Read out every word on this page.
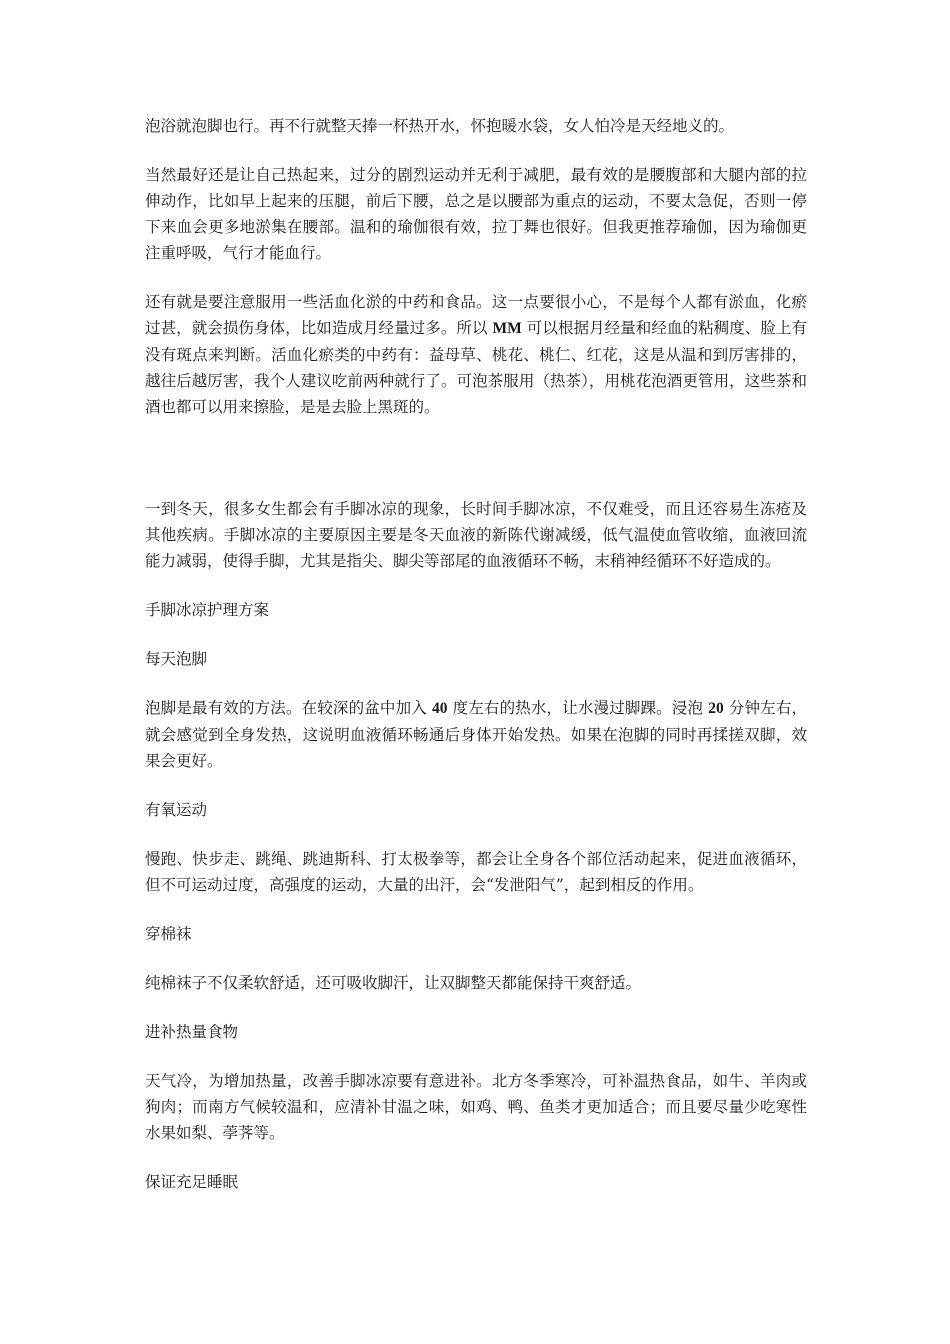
泡浴就泡脚也行。再不行就整天捧一杯热开水，怀抱暖水袋，女人怕冷是天经地义的。

当然最好还是让自己热起来，过分的剧烈运动并无利于减肥，最有效的是腰腹部和大腿内部的拉伸动作，比如早上起来的压腿，前后下腰，总之是以腰部为重点的运动，不要太急促，否则一停下来血会更多地淤集在腰部。温和的瑜伽很有效，拉丁舞也很好。但我更推荐瑜伽，因为瑜伽更注重呼吸，气行才能血行。

还有就是要注意服用一些活血化淤的中药和食品。这一点要很小心，不是每个人都有淤血，化瘀过甚，就会损伤身体，比如造成月经量过多。所以 MM 可以根据月经量和经血的粘稠度、脸上有没有斑点来判断。活血化瘀类的中药有：益母草、桃花、桃仁、红花，这是从温和到厉害排的，越往后越厉害，我个人建议吃前两种就行了。可泡茶服用（热茶），用桃花泡酒更管用，这些茶和酒也都可以用来擦脸，是是去脸上黑斑的。

一到冬天，很多女生都会有手脚冰凉的现象，长时间手脚冰凉，不仅难受，而且还容易生冻疮及其他疾病。手脚冰凉的主要原因主要是冬天血液的新陈代谢减缓，低气温使血管收缩，血液回流能力减弱，使得手脚，尤其是指尖、脚尖等部尾的血液循环不畅，末稍神经循环不好造成的。

手脚冰凉护理方案

每天泡脚

泡脚是最有效的方法。在较深的盆中加入 40 度左右的热水，让水漫过脚踝。浸泡 20 分钟左右，就会感觉到全身发热，这说明血液循环畅通后身体开始发热。如果在泡脚的同时再揉搓双脚，效果会更好。

有氧运动

慢跑、快步走、跳绳、跳迪斯科、打太极拳等，都会让全身各个部位活动起来，促进血液循环，但不可运动过度，高强度的运动，大量的出汗，会“发泄阳气”，起到相反的作用。

穿棉袜

纯棉袜子不仅柔软舒适，还可吸收脚汗，让双脚整天都能保持干爽舒适。

进补热量食物

天气冷，为增加热量，改善手脚冰凉要有意进补。北方冬季寒冷，可补温热食品，如牛、羊肉或狗肉；而南方气候较温和，应清补甘温之味，如鸡、鸭、鱼类才更加适合；而且要尽量少吃寒性水果如梨、荸荠等。

保证充足睡眠
